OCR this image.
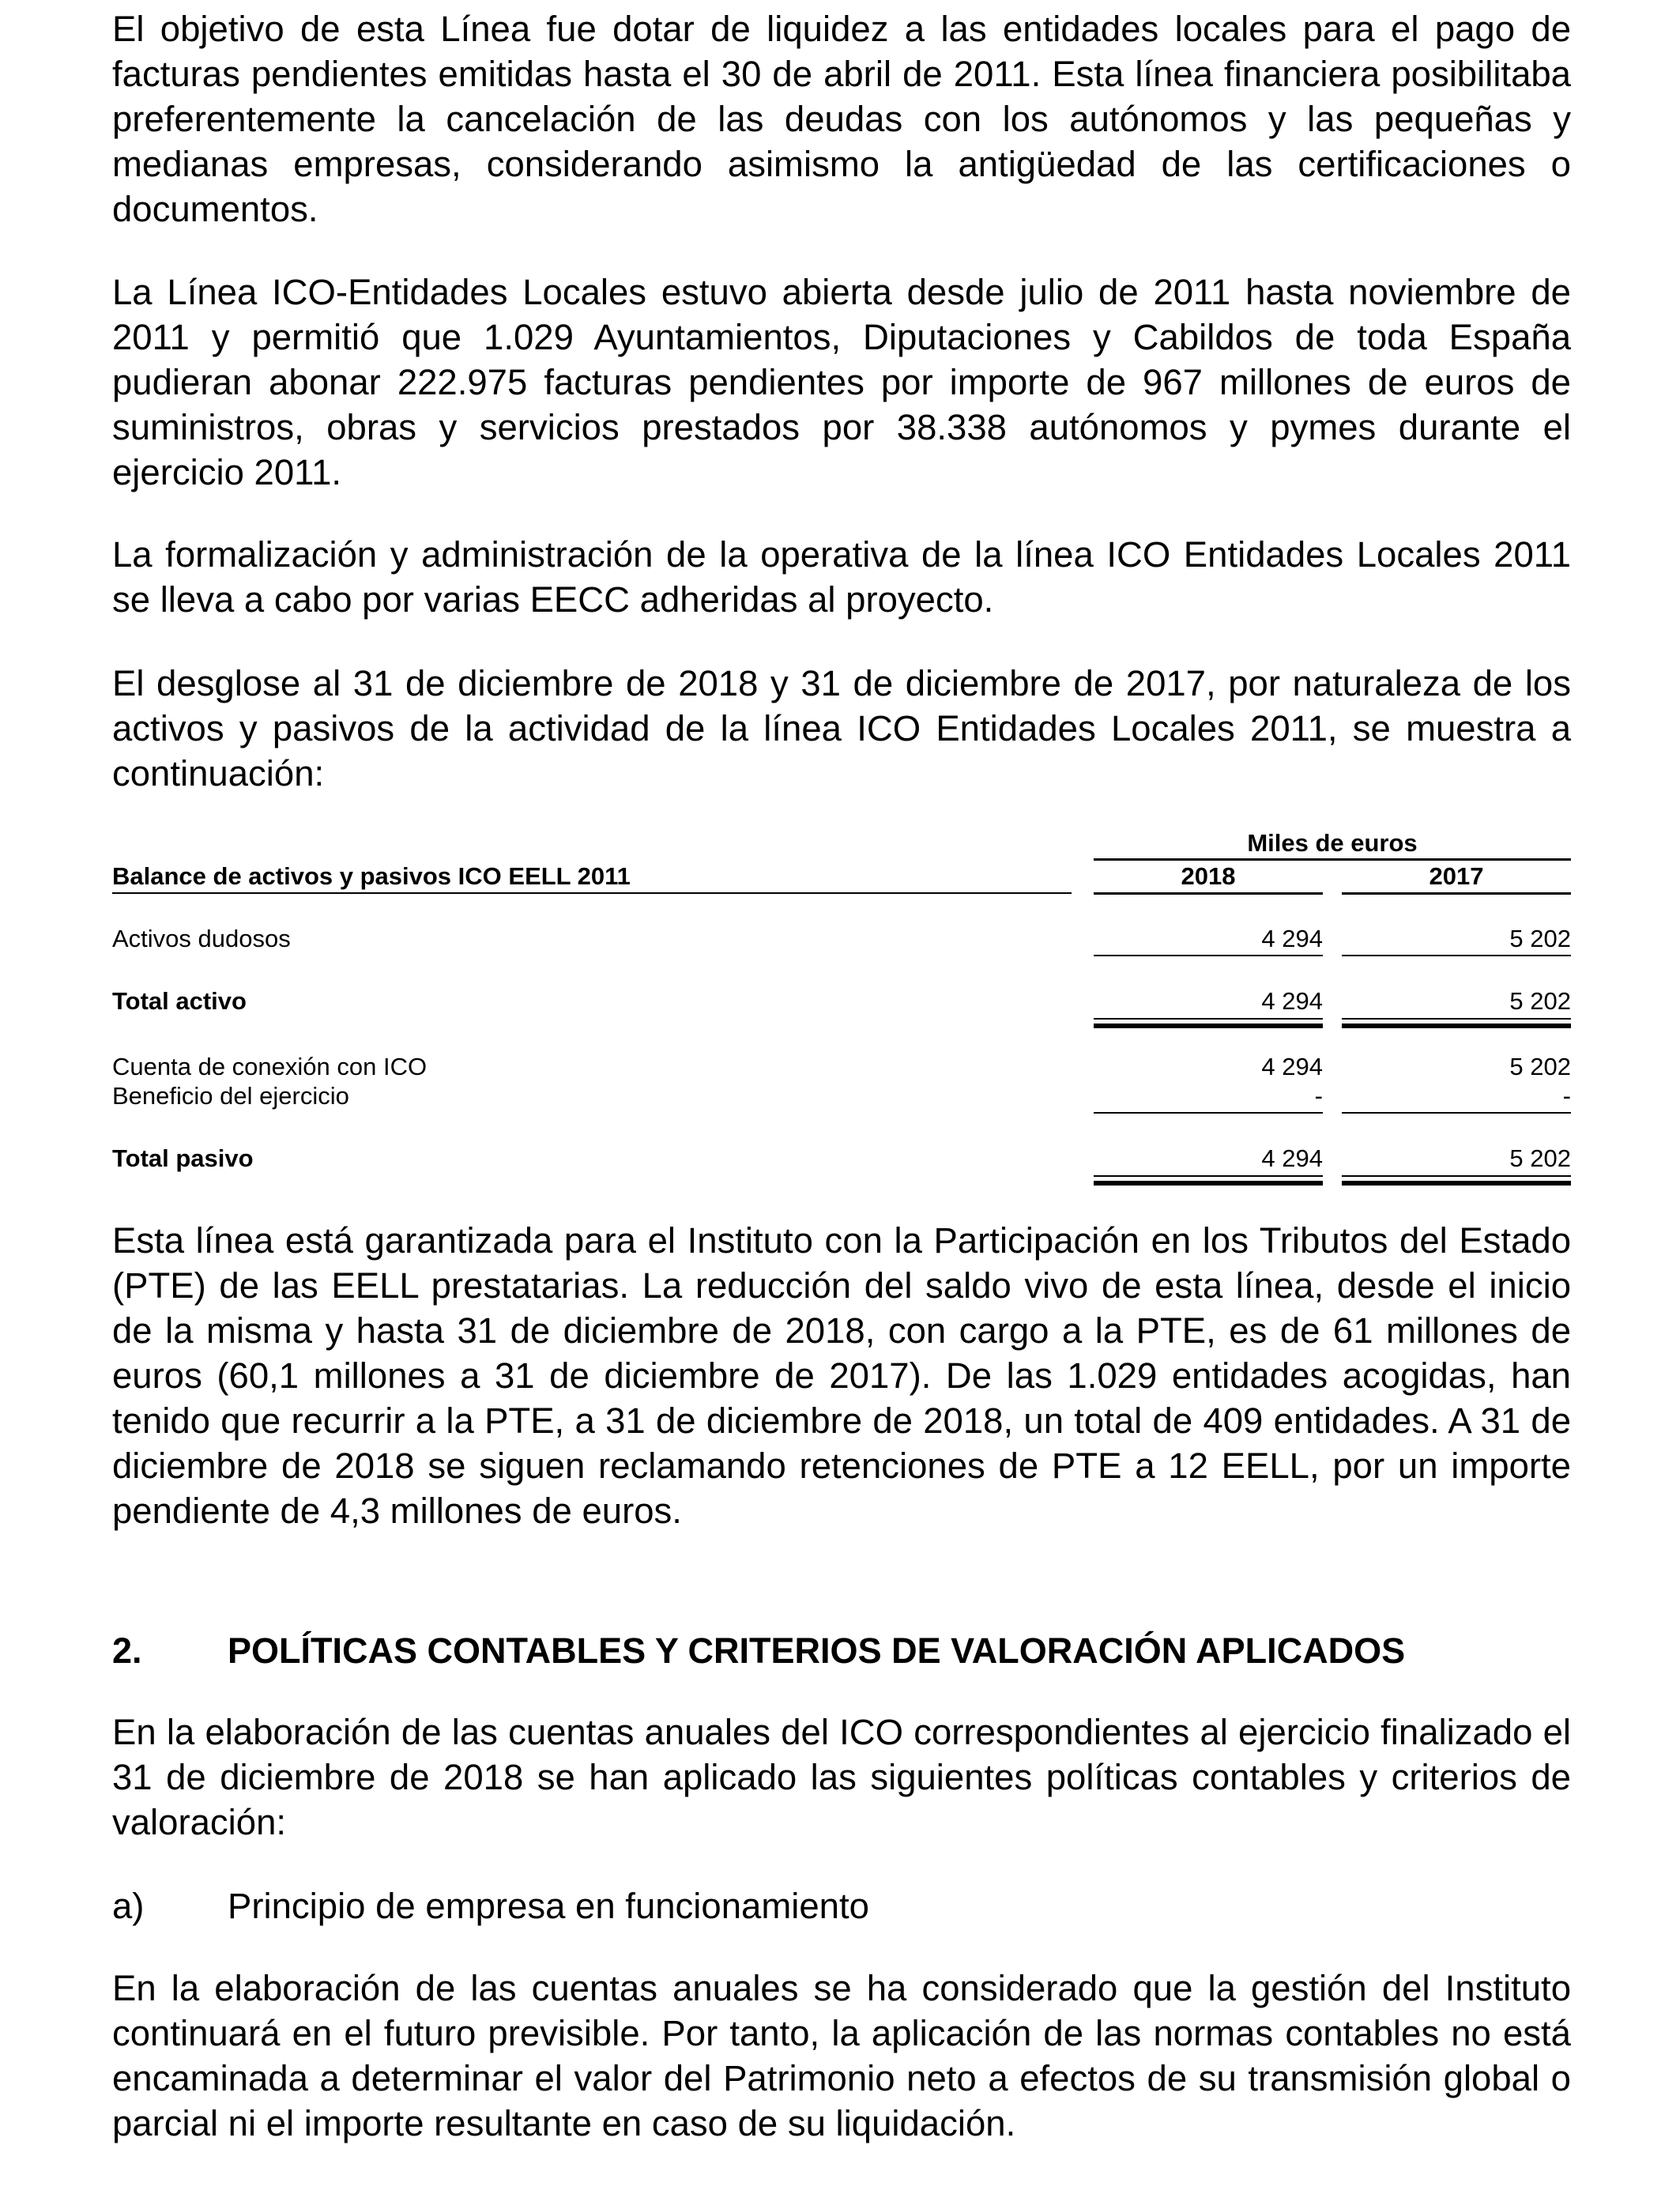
El objetivo de esta Línea fue dotar de liquidez a las entidades locales para el pago de facturas pendientes emitidas hasta el 30 de abril de 2011. Esta línea financiera posibilitaba preferentemente la cancelación de las deudas con los autónomos y las pequeñas y medianas empresas, considerando asimismo la antigüedad de las certificaciones o documentos.

La Línea ICO-Entidades Locales estuvo abierta desde julio de 2011 hasta noviembre de 2011 y permitió que 1.029 Ayuntamientos, Diputaciones y Cabildos de toda España pudieran abonar 222.975 facturas pendientes por importe de 967 millones de euros de suministros, obras y servicios prestados por 38.338 autónomos y pymes durante el ejercicio 2011.

La formalización y administración de la operativa de la línea ICO Entidades Locales 2011 se lleva a cabo por varias EECC adheridas al proyecto.

El desglose al 31 de diciembre de 2018 y 31 de diciembre de 2017, por naturaleza de los activos y pasivos de la actividad de la línea ICO Entidades Locales 2011, se muestra a continuación:

Miles de euros
Balance de activos y pasivos ICO EELL 2011	2018	2017
Activos dudosos	4 294	5 202
Total activo	4 294	5 202
Cuenta de conexión con ICO	4 294	5 202
Beneficio del ejercicio	-	-
Total pasivo	4 294	5 202

Esta línea está garantizada para el Instituto con la Participación en los Tributos del Estado (PTE) de las EELL prestatarias. La reducción del saldo vivo de esta línea, desde el inicio de la misma y hasta 31 de diciembre de 2018, con cargo a la PTE, es de 61 millones de euros (60,1 millones a 31 de diciembre de 2017). De las 1.029 entidades acogidas, han tenido que recurrir a la PTE, a 31 de diciembre de 2018, un total de 409 entidades. A 31 de diciembre de 2018 se siguen reclamando retenciones de PTE a 12 EELL, por un importe pendiente de 4,3 millones de euros.

2. POLÍTICAS CONTABLES Y CRITERIOS DE VALORACIÓN APLICADOS

En la elaboración de las cuentas anuales del ICO correspondientes al ejercicio finalizado el 31 de diciembre de 2018 se han aplicado las siguientes políticas contables y criterios de valoración:

a) Principio de empresa en funcionamiento

En la elaboración de las cuentas anuales se ha considerado que la gestión del Instituto continuará en el futuro previsible. Por tanto, la aplicación de las normas contables no está encaminada a determinar el valor del Patrimonio neto a efectos de su transmisión global o parcial ni el importe resultante en caso de su liquidación.
